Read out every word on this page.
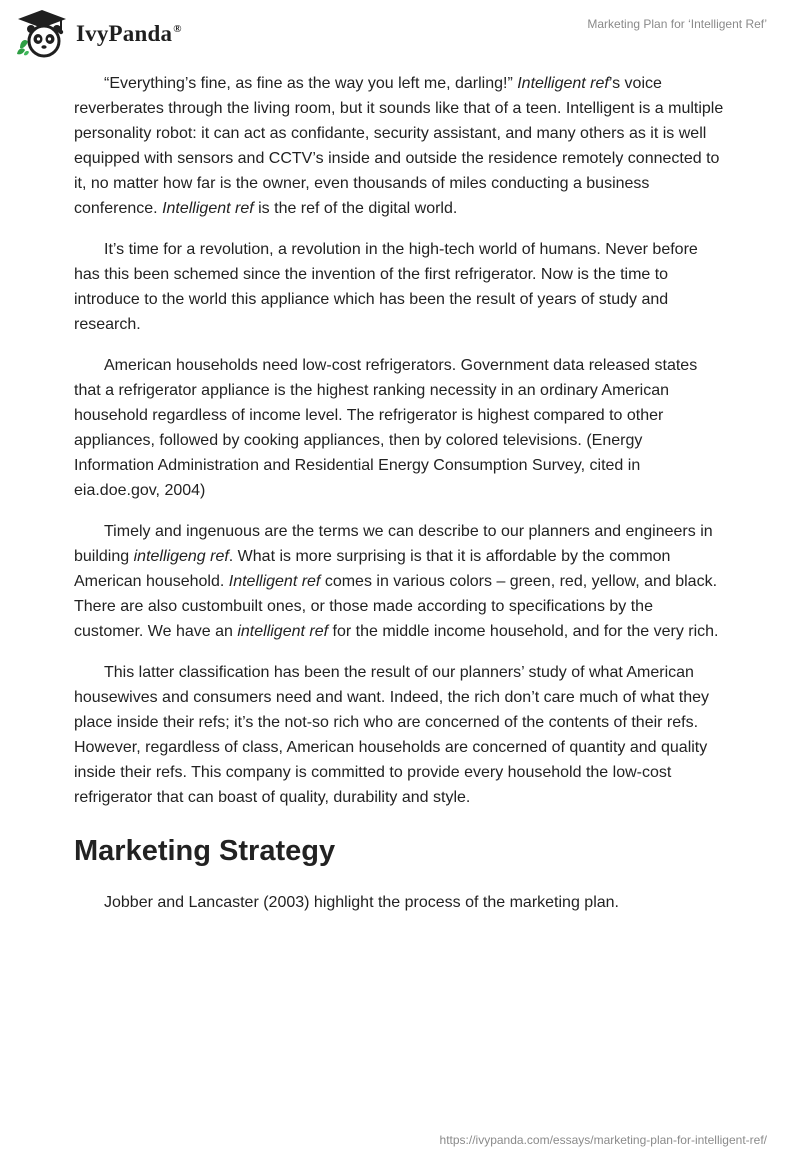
IvyPanda®	Marketing Plan for ‘Intelligent Ref’

“Everything’s fine, as fine as the way you left me, darling!” Intelligent ref’s voice reverberates through the living room, but it sounds like that of a teen. Intelligent is a multiple personality robot: it can act as confidante, security assistant, and many others as it is well equipped with sensors and CCTV’s inside and outside the residence remotely connected to it, no matter how far is the owner, even thousands of miles conducting a business conference. Intelligent ref is the ref of the digital world.

It’s time for a revolution, a revolution in the high-tech world of humans. Never before has this been schemed since the invention of the first refrigerator. Now is the time to introduce to the world this appliance which has been the result of years of study and research.

American households need low-cost refrigerators. Government data released states that a refrigerator appliance is the highest ranking necessity in an ordinary American household regardless of income level. The refrigerator is highest compared to other appliances, followed by cooking appliances, then by colored televisions. (Energy Information Administration and Residential Energy Consumption Survey, cited in eia.doe.gov, 2004)

Timely and ingenuous are the terms we can describe to our planners and engineers in building intelligeng ref. What is more surprising is that it is affordable by the common American household. Intelligent ref comes in various colors – green, red, yellow, and black. There are also custombuilt ones, or those made according to specifications by the customer. We have an intelligent ref for the middle income household, and for the very rich.

This latter classification has been the result of our planners’ study of what American housewives and consumers need and want. Indeed, the rich don’t care much of what they place inside their refs; it’s the not-so rich who are concerned of the contents of their refs. However, regardless of class, American households are concerned of quantity and quality inside their refs. This company is committed to provide every household the low-cost refrigerator that can boast of quality, durability and style.

Marketing Strategy

Jobber and Lancaster (2003) highlight the process of the marketing plan.

https://ivypanda.com/essays/marketing-plan-for-intelligent-ref/
